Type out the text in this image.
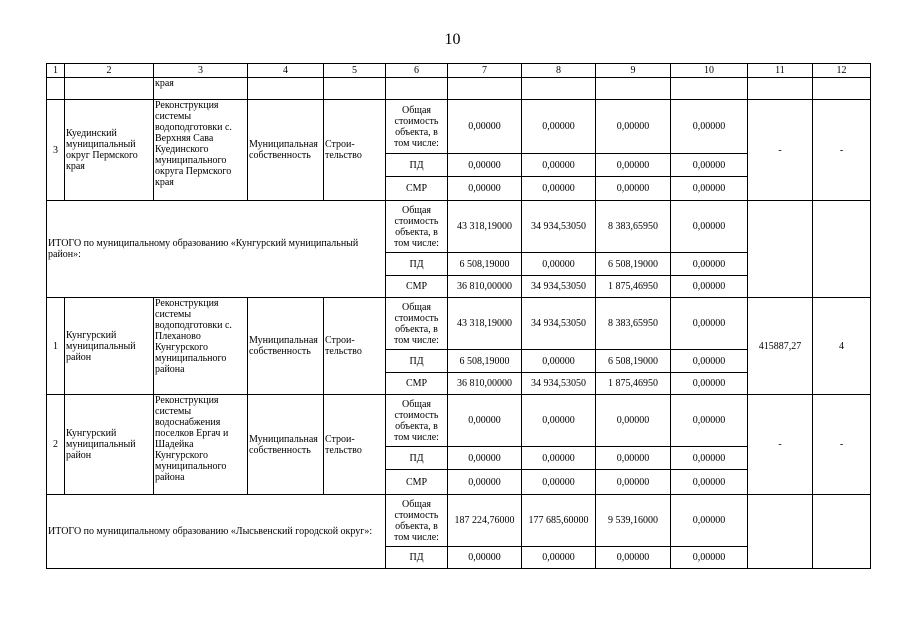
10
1	2	3	4	5	6	7	8	9	10	11	12
		края									
3	Куединский муниципальный округ Пермского края	Реконструкция системы водоподготовки с. Верхняя Сава Куединского муниципального округа Пермского края	Муниципальная собственность	Строи- тельство	Общая стоимость объекта, в том числе:	0,00000	0,00000	0,00000	0,00000	-	-
					ПД	0,00000	0,00000	0,00000	0,00000		
					СМР	0,00000	0,00000	0,00000	0,00000		
ИТОГО по муниципальному образованию «Кунгурский муниципальный район»:					Общая стоимость объекта, в том числе:	43 318,19000	34 934,53050	8 383,65950	0,00000		
					ПД	6 508,19000	0,00000	6 508,19000	0,00000		
					СМР	36 810,00000	34 934,53050	1 875,46950	0,00000		
1	Кунгурский муниципальный район	Реконструкция системы водоподготовки с. Плеханово Кунгурского муниципального района	Муниципальная собственность	Строи- тельство	Общая стоимость объекта, в том числе:	43 318,19000	34 934,53050	8 383,65950	0,00000	415887,27	4
					ПД	6 508,19000	0,00000	6 508,19000	0,00000		
					СМР	36 810,00000	34 934,53050	1 875,46950	0,00000		
2	Кунгурский муниципальный район	Реконструкция системы водоснабжения поселков Ергач и Шадейка Кунгурского муниципального района	Муниципальная собственность	Строи- тельство	Общая стоимость объекта, в том числе:	0,00000	0,00000	0,00000	0,00000	-	-
					ПД	0,00000	0,00000	0,00000	0,00000		
					СМР	0,00000	0,00000	0,00000	0,00000		
ИТОГО по муниципальному образованию «Лысьвенский городской округ»:					Общая стоимость объекта, в том числе:	187 224,76000	177 685,60000	9 539,16000	0,00000		
					ПД	0,00000	0,00000	0,00000	0,00000		
